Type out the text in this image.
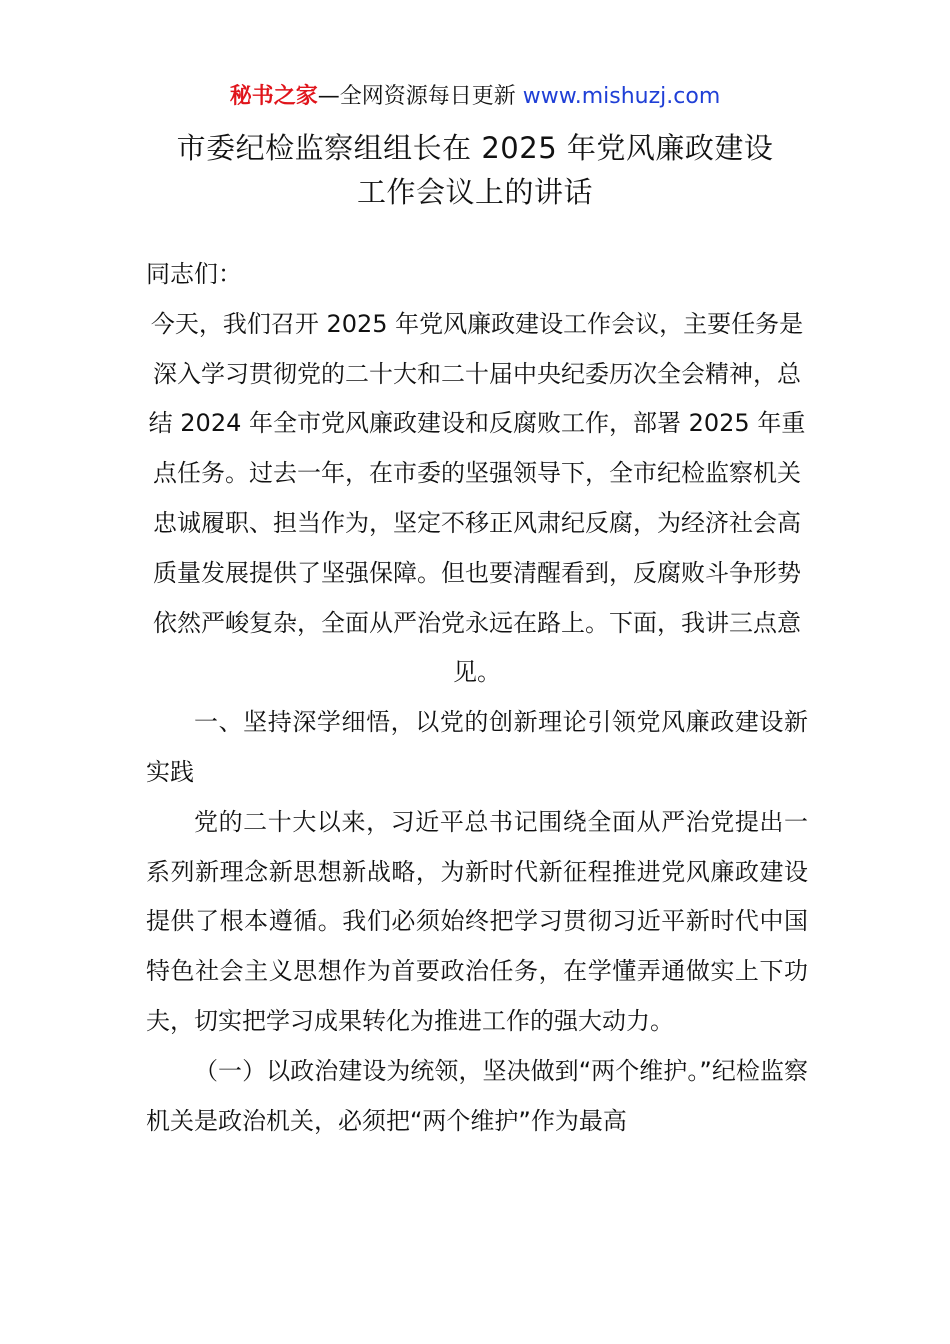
秘书之家—全网资源每日更新 www.mishuzj.com
市委纪检监察组组长在 2025 年党风廉政建设
工作会议上的讲话

同志们：

今天，我们召开 2025 年党风廉政建设工作会议，主要任务是深入学习贯彻党的二十大和二十届中央纪委历次全会精神，总结 2024 年全市党风廉政建设和反腐败工作，部署 2025 年重点任务。过去一年，在市委的坚强领导下，全市纪检监察机关忠诚履职、担当作为，坚定不移正风肃纪反腐，为经济社会高质量发展提供了坚强保障。但也要清醒看到，反腐败斗争形势依然严峻复杂，全面从严治党永远在路上。下面，我讲三点意见。

一、坚持深学细悟，以党的创新理论引领党风廉政建设新实践

党的二十大以来，习近平总书记围绕全面从严治党提出一系列新理念新思想新战略，为新时代新征程推进党风廉政建设提供了根本遵循。我们必须始终把学习贯彻习近平新时代中国特色社会主义思想作为首要政治任务，在学懂弄通做实上下功夫，切实把学习成果转化为推进工作的强大动力。

（一）以政治建设为统领，坚决做到“两个维护。”纪检监察机关是政治机关，必须把“两个维护”作为最高
